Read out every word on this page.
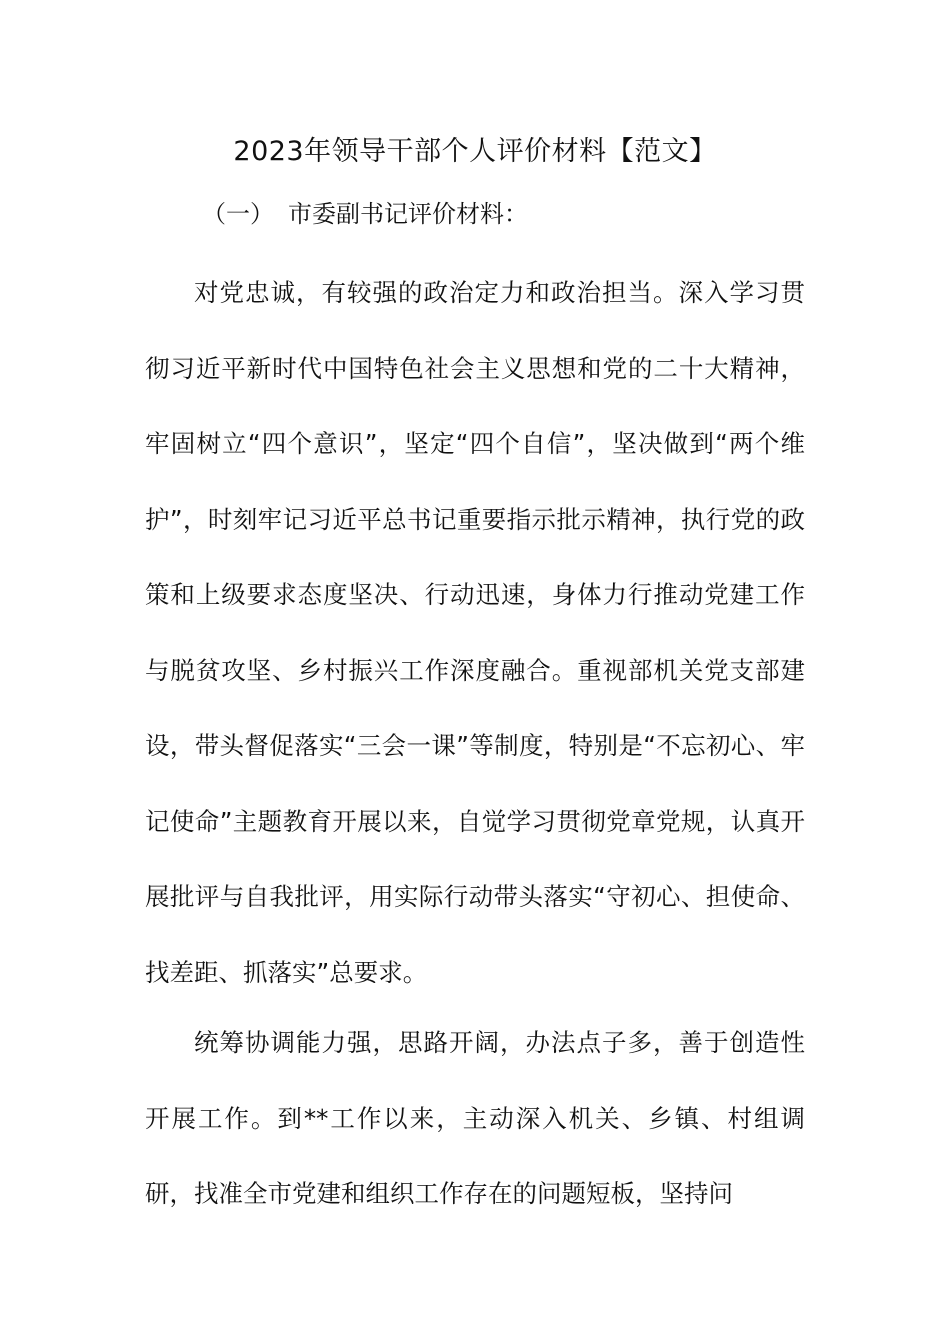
2023年领导干部个人评价材料【范文】
（一） 市委副书记评价材料：

对党忠诚，有较强的政治定力和政治担当。深入学习贯彻习近平新时代中国特色社会主义思想和党的二十大精神，牢固树立“四个意识”，坚定“四个自信”，坚决做到“两个维护”，时刻牢记习近平总书记重要指示批示精神，执行党的政策和上级要求态度坚决、行动迅速，身体力行推动党建工作与脱贫攻坚、乡村振兴工作深度融合。重视部机关党支部建设，带头督促落实“三会一课”等制度，特别是“不忘初心、牢记使命”主题教育开展以来，自觉学习贯彻党章党规，认真开展批评与自我批评，用实际行动带头落实“守初心、担使命、找差距、抓落实”总要求。

统筹协调能力强，思路开阔，办法点子多，善于创造性开展工作。到**工作以来，主动深入机关、乡镇、村组调研，找准全市党建和组织工作存在的问题短板，坚持问
